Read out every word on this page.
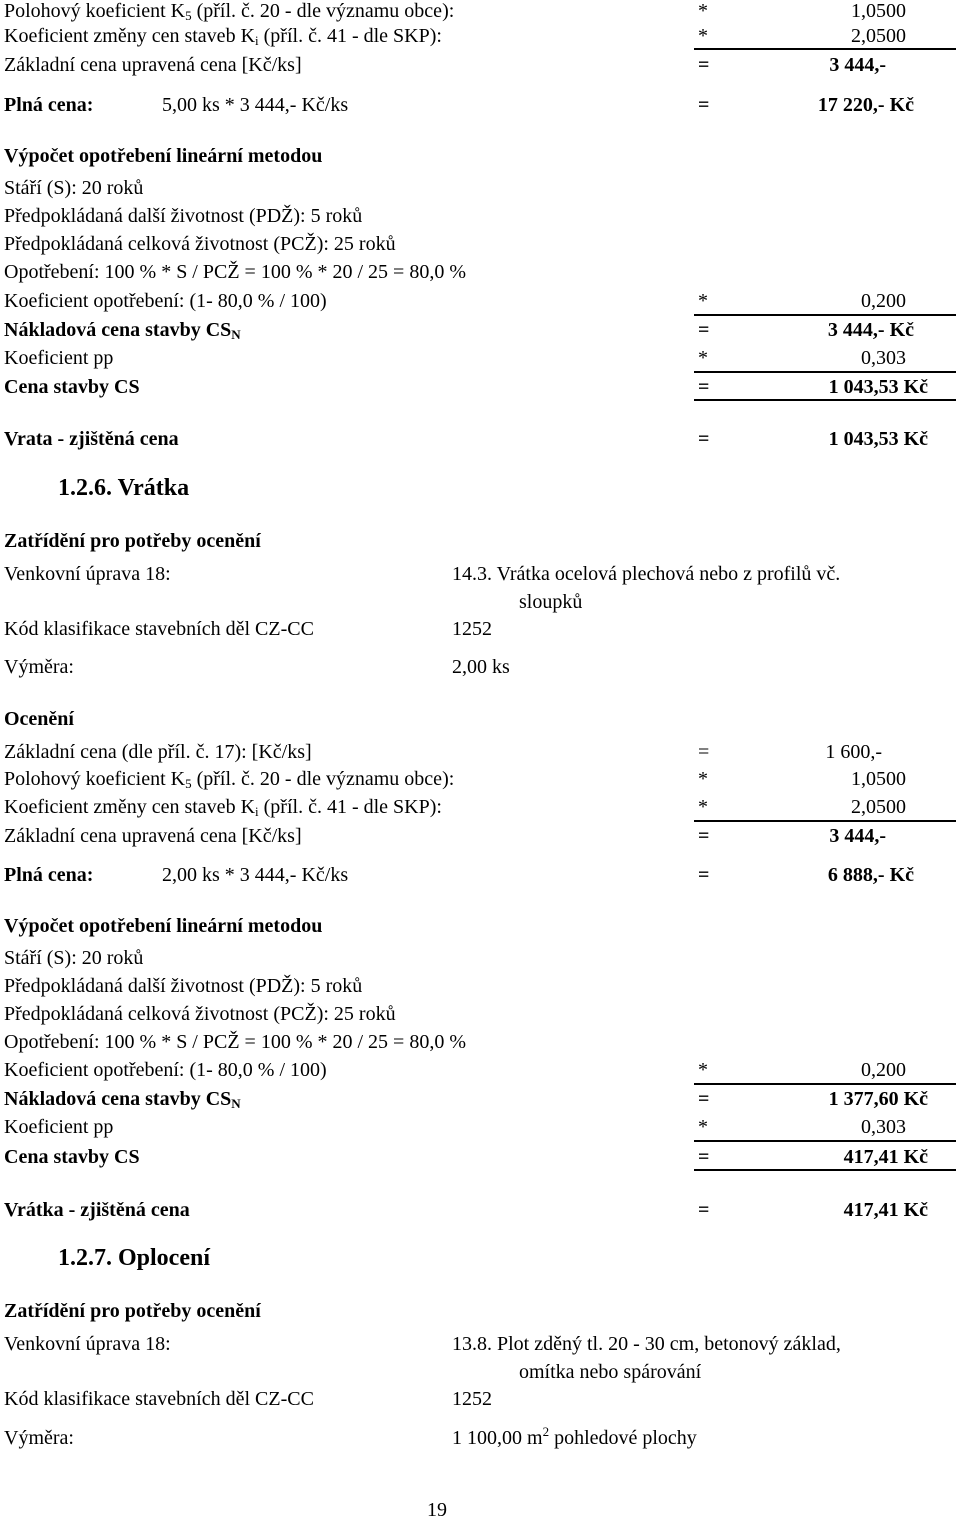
Polohový koeficient $K_5$ (příl. č. 20 - dle významu obce):	*	1,0500
Koeficient změny cen staveb $K_i$ (příl. č. 41 - dle SKP):	*	2,0500
Základní cena upravená cena [Kč/ks]	=	3 444,-
Plná cena:	5,00 ks * 3 444,- Kč/ks	=	17 220,- Kč
Výpočet opotřebení lineární metodou
Stáří (S): 20 roků
Předpokládaná další životnost (PDŽ): 5 roků
Předpokládaná celková životnost (PCŽ): 25 roků
Opotřebení: 100 % * S / PCŽ = 100 % * 20 / 25 = 80,0 %
Koeficient opotřebení: (1- 80,0 % / 100)	*	0,200
Nákladová cena stavby $CS_N$	=	3 444,- Kč
Koeficient pp	*	0,303
Cena stavby CS	=	1 043,53 Kč
Vrata - zjištěná cena	=	1 043,53 Kč
1.2.6. Vrátka
Zatřídění pro potřeby ocenění
Venkovní úprava 18:	14.3. Vrátka ocelová plechová nebo z profilů vč.
sloupků
Kód klasifikace stavebních děl CZ-CC	1252
Výměra:	2,00 ks
Ocenění
Základní cena (dle příl. č. 17): [Kč/ks]	=	1 600,-
Polohový koeficient $K_5$ (příl. č. 20 - dle významu obce):	*	1,0500
Koeficient změny cen staveb $K_i$ (příl. č. 41 - dle SKP):	*	2,0500
Základní cena upravená cena [Kč/ks]	=	3 444,-
Plná cena:	2,00 ks * 3 444,- Kč/ks	=	6 888,- Kč
Výpočet opotřebení lineární metodou
Stáří (S): 20 roků
Předpokládaná další životnost (PDŽ): 5 roků
Předpokládaná celková životnost (PCŽ): 25 roků
Opotřebení: 100 % * S / PCŽ = 100 % * 20 / 25 = 80,0 %
Koeficient opotřebení: (1- 80,0 % / 100)	*	0,200
Nákladová cena stavby $CS_N$	=	1 377,60 Kč
Koeficient pp	*	0,303
Cena stavby CS	=	417,41 Kč
Vrátka - zjištěná cena	=	417,41 Kč
1.2.7. Oplocení
Zatřídění pro potřeby ocenění
Venkovní úprava 18:	13.8. Plot zděný tl. 20 - 30 cm, betonový základ,
omítka nebo spárování
Kód klasifikace stavebních děl CZ-CC	1252
Výměra:	1 100,00 $m^2$ pohledové plochy
19
